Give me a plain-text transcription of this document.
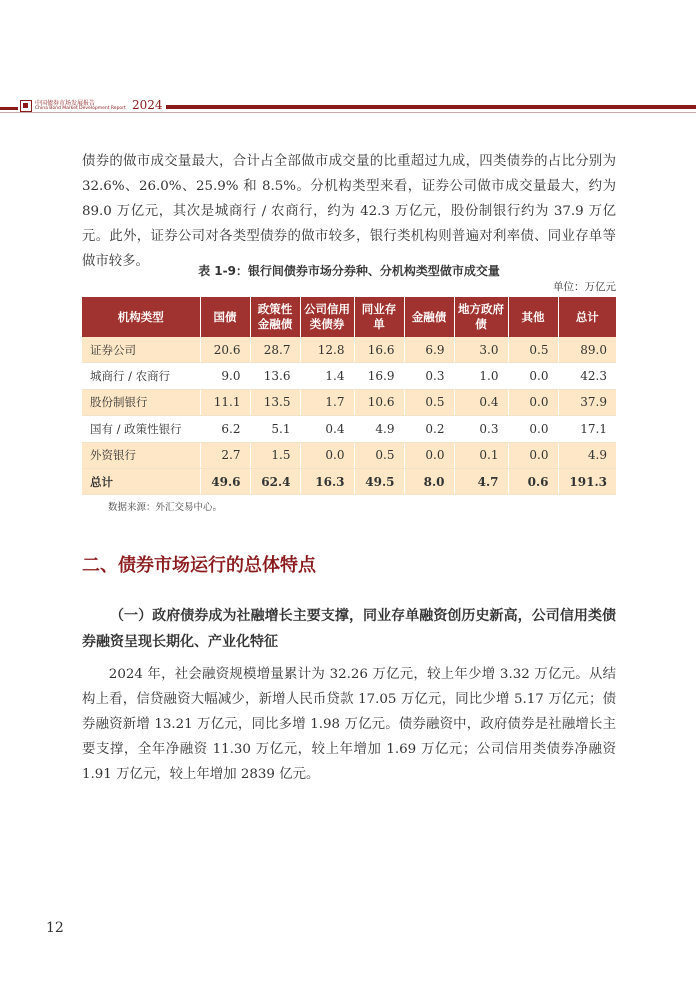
中国债券市场发展报告
China Bond Market Development Report 2024

债券的做市成交量最大，合计占全部做市成交量的比重超过九成，四类债券的占比分别为 32.6%、26.0%、25.9% 和 8.5%。分机构类型来看，证券公司做市成交量最大，约为 89.0 万亿元，其次是城商行 / 农商行，约为 42.3 万亿元，股份制银行约为 37.9 万亿元。此外，证券公司对各类型债券的做市较多，银行类机构则普遍对利率债、同业存单等做市较多。

表 1-9：银行间债券市场分券种、分机构类型做市成交量
单位：万亿元
机构类型	国债	政策性金融债	公司信用类债券	同业存单	金融债	地方政府债	其他	总计
证券公司	20.6	28.7	12.8	16.6	6.9	3.0	0.5	89.0
城商行 / 农商行	9.0	13.6	1.4	16.9	0.3	1.0	0.0	42.3
股份制银行	11.1	13.5	1.7	10.6	0.5	0.4	0.0	37.9
国有 / 政策性银行	6.2	5.1	0.4	4.9	0.2	0.3	0.0	17.1
外资银行	2.7	1.5	0.0	0.5	0.0	0.1	0.0	4.9
总计	49.6	62.4	16.3	49.5	8.0	4.7	0.6	191.3
数据来源：外汇交易中心。
二、债券市场运行的总体特点

（一）政府债券成为社融增长主要支撑，同业存单融资创历史新高，公司信用类债券融资呈现长期化、产业化特征

2024 年，社会融资规模增量累计为 32.26 万亿元，较上年少增 3.32 万亿元。从结构上看，信贷融资大幅减少，新增人民币贷款 17.05 万亿元，同比少增 5.17 万亿元；债券融资新增 13.21 万亿元，同比多增 1.98 万亿元。债券融资中，政府债券是社融增长主要支撑，全年净融资 11.30 万亿元，较上年增加 1.69 万亿元；公司信用类债券净融资 1.91 万亿元，较上年增加 2839 亿元。

12
